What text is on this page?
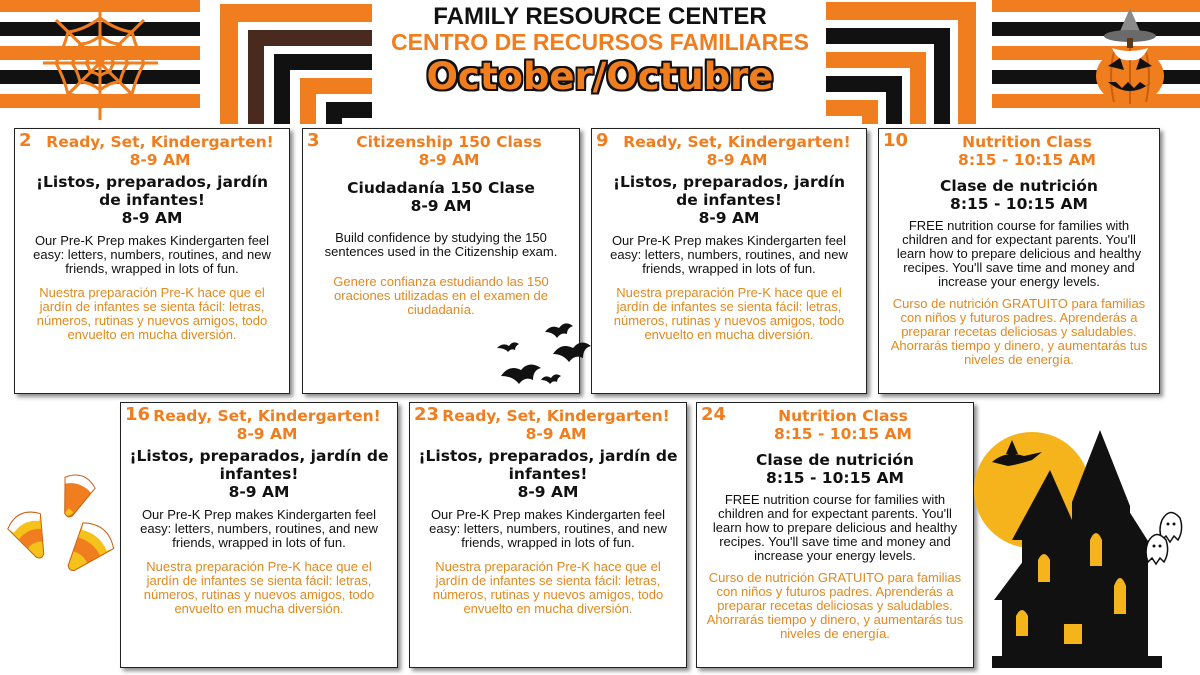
FAMILY RESOURCE CENTER
CENTRO DE RECURSOS FAMILIARES
October/Octubre
2 Ready, Set, Kindergarten!
8-9 AM
¡Listos, preparados, jardín de infantes!
8-9 AM
Our Pre-K Prep makes Kindergarten feel easy: letters, numbers, routines, and new friends, wrapped in lots of fun.
Nuestra preparación Pre-K hace que el jardín de infantes se sienta fácil: letras, números, rutinas y nuevos amigos, todo envuelto en mucha diversión.
3	Citizenship 150 Class
8-9 AM
Ciudadanía 150 Clase
8-9 AM
Build confidence by studying the 150 sentences used in the Citizenship exam.
Genere confianza estudiando las 150 oraciones utilizadas en el examen de ciudadanía.
9 Ready, Set, Kindergarten!
8-9 AM
¡Listos, preparados, jardín de infantes!
8-9 AM
Our Pre-K Prep makes Kindergarten feel easy: letters, numbers, routines, and new friends, wrapped in lots of fun.
Nuestra preparación Pre-K hace que el jardín de infantes se sienta fácil: letras, números, rutinas y nuevos amigos, todo envuelto en mucha diversión.
10	Nutrition Class
8:15 - 10:15 AM
Clase de nutrición
8:15 - 10:15 AM
FREE nutrition course for families with children and for expectant parents. You'll learn how to prepare delicious and healthy recipes. You'll save time and money and increase your energy levels.
Curso de nutrición GRATUITO para familias con niños y futuros padres. Aprenderás a preparar recetas deliciosas y saludables. Ahorrarás tiempo y dinero, y aumentarás tus niveles de energía.
16 Ready, Set, Kindergarten!
8-9 AM
¡Listos, preparados, jardín de infantes!
8-9 AM
Our Pre-K Prep makes Kindergarten feel easy: letters, numbers, routines, and new friends, wrapped in lots of fun.
Nuestra preparación Pre-K hace que el jardín de infantes se sienta fácil: letras, números, rutinas y nuevos amigos, todo envuelto en mucha diversión.
23 Ready, Set, Kindergarten!
8-9 AM
¡Listos, preparados, jardín de infantes!
8-9 AM
Our Pre-K Prep makes Kindergarten feel easy: letters, numbers, routines, and new friends, wrapped in lots of fun.
Nuestra preparación Pre-K hace que el jardín de infantes se sienta fácil: letras, números, rutinas y nuevos amigos, todo envuelto en mucha diversión.
24	Nutrition Class
8:15 - 10:15 AM
Clase de nutrición
8:15 - 10:15 AM
FREE nutrition course for families with children and for expectant parents. You'll learn how to prepare delicious and healthy recipes. You'll save time and money and increase your energy levels.
Curso de nutrición GRATUITO para familias con niños y futuros padres. Aprenderás a preparar recetas deliciosas y saludables. Ahorrarás tiempo y dinero, y aumentarás tus niveles de energía.
